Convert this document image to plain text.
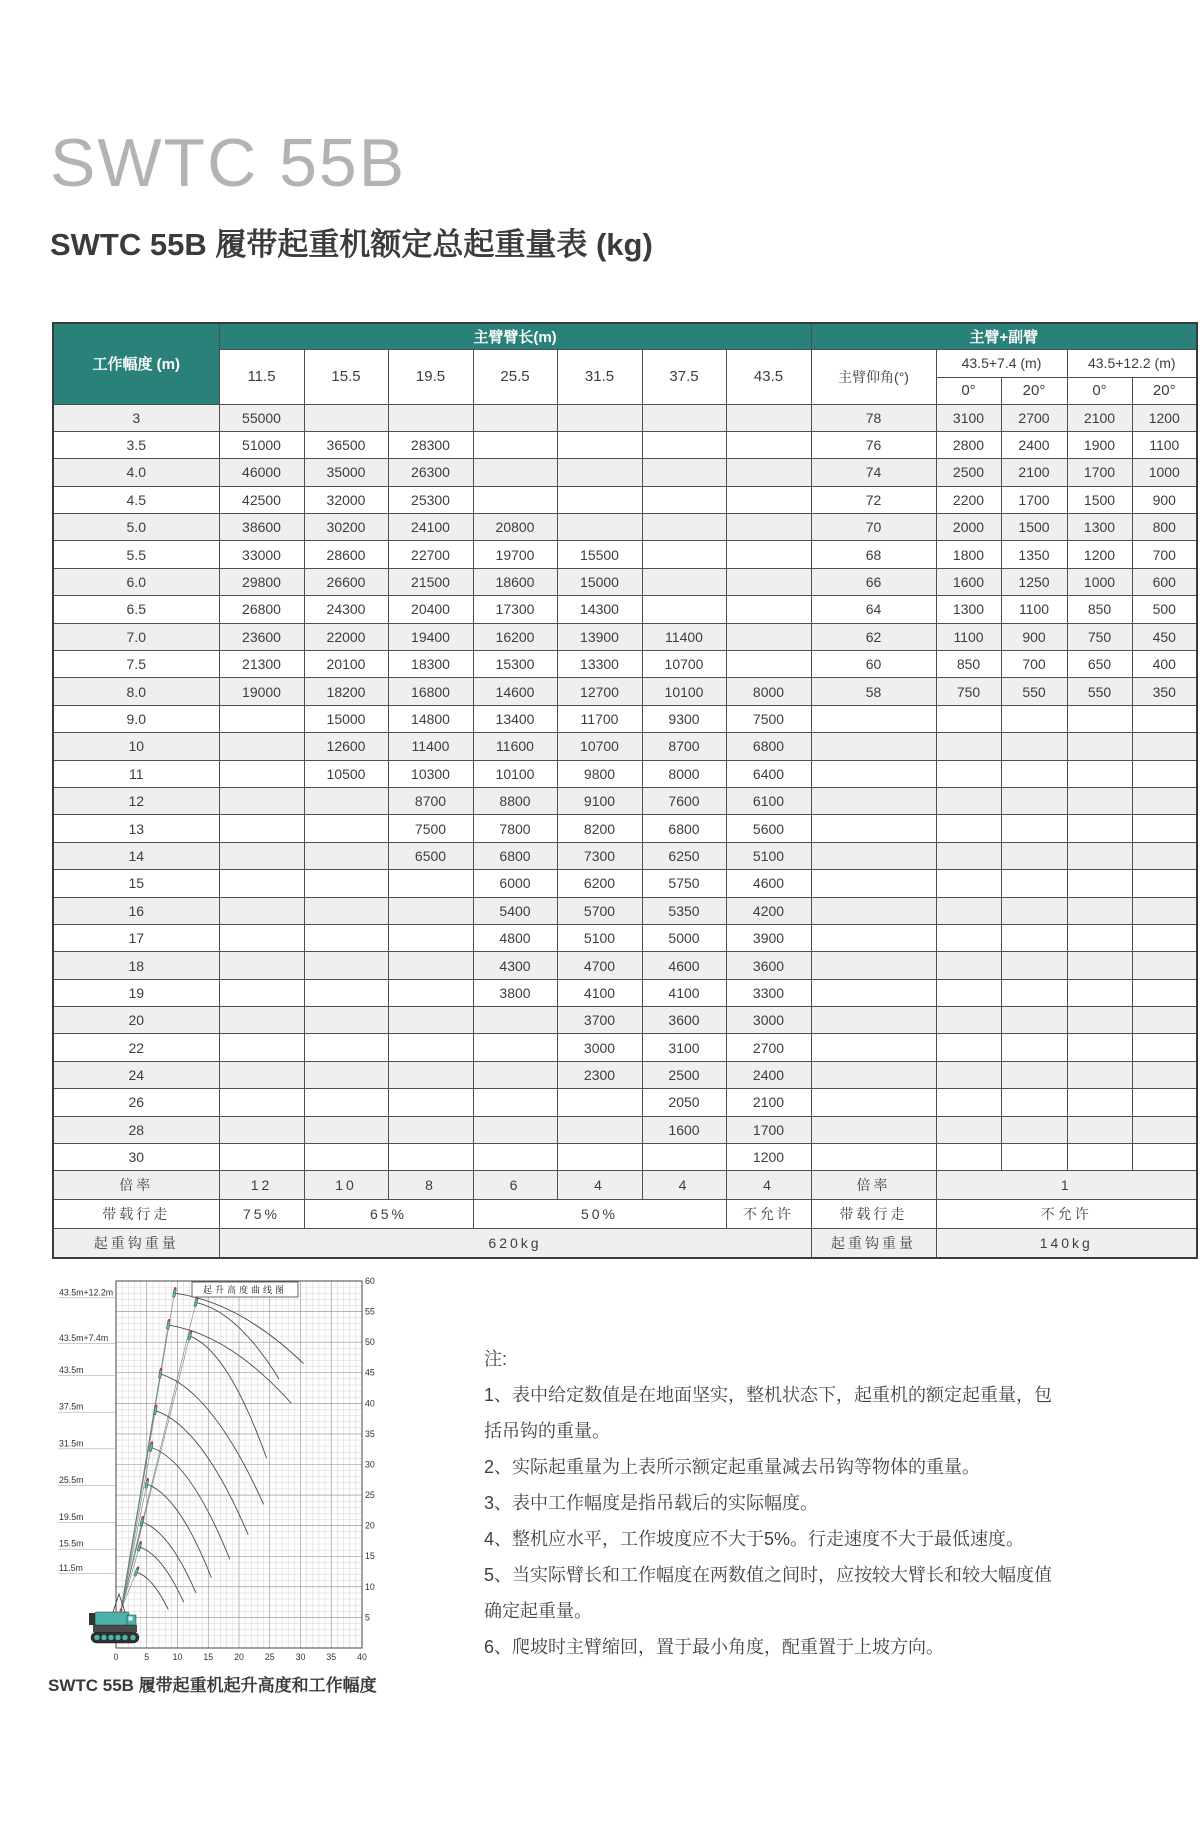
SWTC 55B
SWTC 55B 履带起重机额定总起重量表 (kg)
工作幅度 (m)	主臂臂长(m)							主臂+副臂				
	11.5	15.5	19.5	25.5	31.5	37.5	43.5	主臂仰角(°)	43.5+7.4 (m)		43.5+12.2 (m)	
									0°	20°	0°	20°
3	55000							78	3100	2700	2100	1200
3.5	51000	36500	28300					76	2800	2400	1900	1100
4.0	46000	35000	26300					74	2500	2100	1700	1000
4.5	42500	32000	25300					72	2200	1700	1500	900
5.0	38600	30200	24100	20800				70	2000	1500	1300	800
5.5	33000	28600	22700	19700	15500			68	1800	1350	1200	700
6.0	29800	26600	21500	18600	15000			66	1600	1250	1000	600
6.5	26800	24300	20400	17300	14300			64	1300	1100	850	500
7.0	23600	22000	19400	16200	13900	11400		62	1100	900	750	450
7.5	21300	20100	18300	15300	13300	10700		60	850	700	650	400
8.0	19000	18200	16800	14600	12700	10100	8000	58	750	550	550	350
9.0		15000	14800	13400	11700	9300	7500					
10		12600	11400	11600	10700	8700	6800					
11		10500	10300	10100	9800	8000	6400					
12			8700	8800	9100	7600	6100					
13			7500	7800	8200	6800	5600					
14			6500	6800	7300	6250	5100					
15				6000	6200	5750	4600					
16				5400	5700	5350	4200					
17				4800	5100	5000	3900					
18				4300	4700	4600	3600					
19				3800	4100	4100	3300					
20					3700	3600	3000					
22					3000	3100	2700					
24					2300	2500	2400					
26						2050	2100					
28						1600	1700					
30							1200					
倍率	12	10	8	6	4	4	4	倍率	1			
带载行走	75%	65%		50%			不允许	带载行走	不允许			
起重钩重量	620kg							起重钩重量	140kg			
43.5m+12.2m
43.5m+7.4m
43.5m
37.5m
31.5m
25.5m
19.5m
15.5m
11.5m
5
10
15
20
25
30
35
40
45
50
55
60
0	5	10 15 20 25 30 35 40
起升高度曲线图
SWTC 55B 履带起重机起升高度和工作幅度
注:
1、表中给定数值是在地面坚实，整机状态下，起重机的额定起重量，包
括吊钩的重量。
2、实际起重量为上表所示额定起重量减去吊钩等物体的重量。
3、表中工作幅度是指吊载后的实际幅度。
4、整机应水平，工作坡度应不大于5%。行走速度不大于最低速度。
5、当实际臂长和工作幅度在两数值之间时，应按较大臂长和较大幅度值
确定起重量。
6、爬坡时主臂缩回，置于最小角度，配重置于上坡方向。
